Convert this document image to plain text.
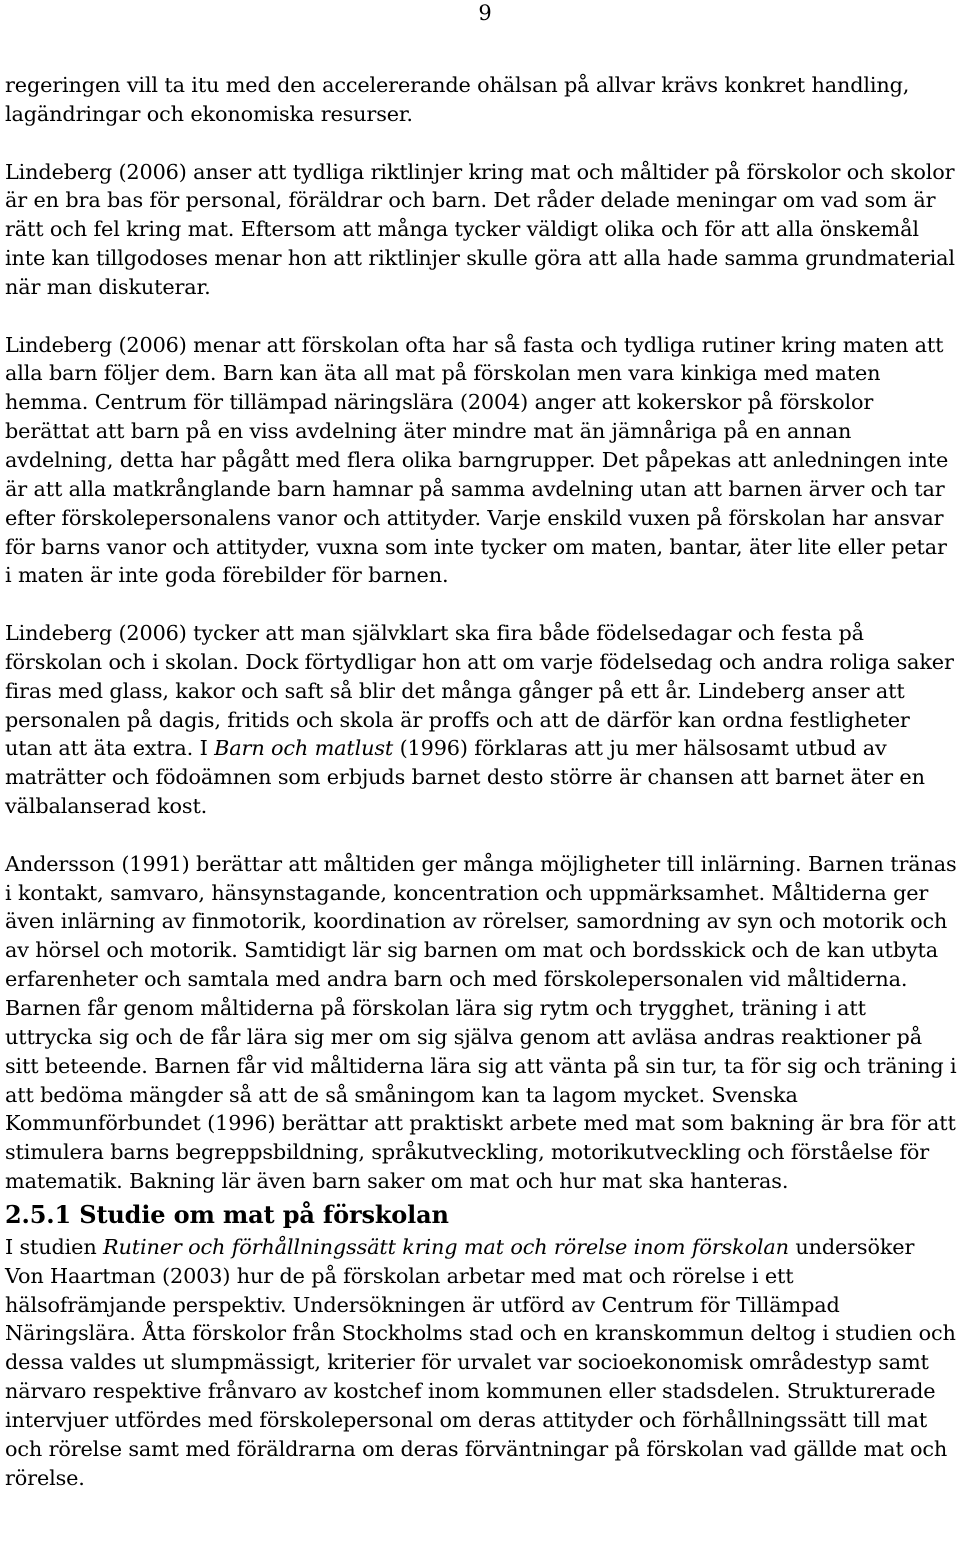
9

regeringen vill ta itu med den accelererande ohälsan på allvar krävs konkret handling, lagändringar och ekonomiska resurser.

Lindeberg (2006) anser att tydliga riktlinjer kring mat och måltider på förskolor och skolor är en bra bas för personal, föräldrar och barn. Det råder delade meningar om vad som är rätt och fel kring mat. Eftersom att många tycker väldigt olika och för att alla önskemål inte kan tillgodoses menar hon att riktlinjer skulle göra att alla hade samma grundmaterial när man diskuterar.

Lindeberg (2006) menar att förskolan ofta har så fasta och tydliga rutiner kring maten att alla barn följer dem. Barn kan äta all mat på förskolan men vara kinkiga med maten hemma. Centrum för tillämpad näringslära (2004) anger att kokerskor på förskolor berättat att barn på en viss avdelning äter mindre mat än jämnåriga på en annan avdelning, detta har pågått med flera olika barngrupper. Det påpekas att anledningen inte är att alla matkrånglande barn hamnar på samma avdelning utan att barnen ärver och tar efter förskolepersonalens vanor och attityder. Varje enskild vuxen på förskolan har ansvar för barns vanor och attityder, vuxna som inte tycker om maten, bantar, äter lite eller petar i maten är inte goda förebilder för barnen.

Lindeberg (2006) tycker att man självklart ska fira både födelsedagar och festa på förskolan och i skolan. Dock förtydligar hon att om varje födelsedag och andra roliga saker firas med glass, kakor och saft så blir det många gånger på ett år. Lindeberg anser att personalen på dagis, fritids och skola är proffs och att de därför kan ordna festligheter utan att äta extra. I Barn och matlust (1996) förklaras att ju mer hälsosamt utbud av maträtter och födoämnen som erbjuds barnet desto större är chansen att barnet äter en välbalanserad kost.

Andersson (1991) berättar att måltiden ger många möjligheter till inlärning. Barnen tränas i kontakt, samvaro, hänsynstagande, koncentration och uppmärksamhet. Måltiderna ger även inlärning av finmotorik, koordination av rörelser, samordning av syn och motorik och av hörsel och motorik. Samtidigt lär sig barnen om mat och bordsskick och de kan utbyta erfarenheter och samtala med andra barn och med förskolepersonalen vid måltiderna. Barnen får genom måltiderna på förskolan lära sig rytm och trygghet, träning i att uttrycka sig och de får lära sig mer om sig själva genom att avläsa andras reaktioner på sitt beteende. Barnen får vid måltiderna lära sig att vänta på sin tur, ta för sig och träning i att bedöma mängder så att de så småningom kan ta lagom mycket. Svenska Kommunförbundet (1996) berättar att praktiskt arbete med mat som bakning är bra för att stimulera barns begreppsbildning, språkutveckling, motorikutveckling och förståelse för matematik. Bakning lär även barn saker om mat och hur mat ska hanteras.

2.5.1 Studie om mat på förskolan

I studien Rutiner och förhållningssätt kring mat och rörelse inom förskolan undersöker Von Haartman (2003) hur de på förskolan arbetar med mat och rörelse i ett hälsofrämjande perspektiv. Undersökningen är utförd av Centrum för Tillämpad Näringslära. Åtta förskolor från Stockholms stad och en kranskommun deltog i studien och dessa valdes ut slumpmässigt, kriterier för urvalet var socioekonomisk områdestyp samt närvaro respektive frånvaro av kostchef inom kommunen eller stadsdelen. Strukturerade intervjuer utfördes med förskolepersonal om deras attityder och förhållningssätt till mat och rörelse samt med föräldrarna om deras förväntningar på förskolan vad gällde mat och rörelse.
